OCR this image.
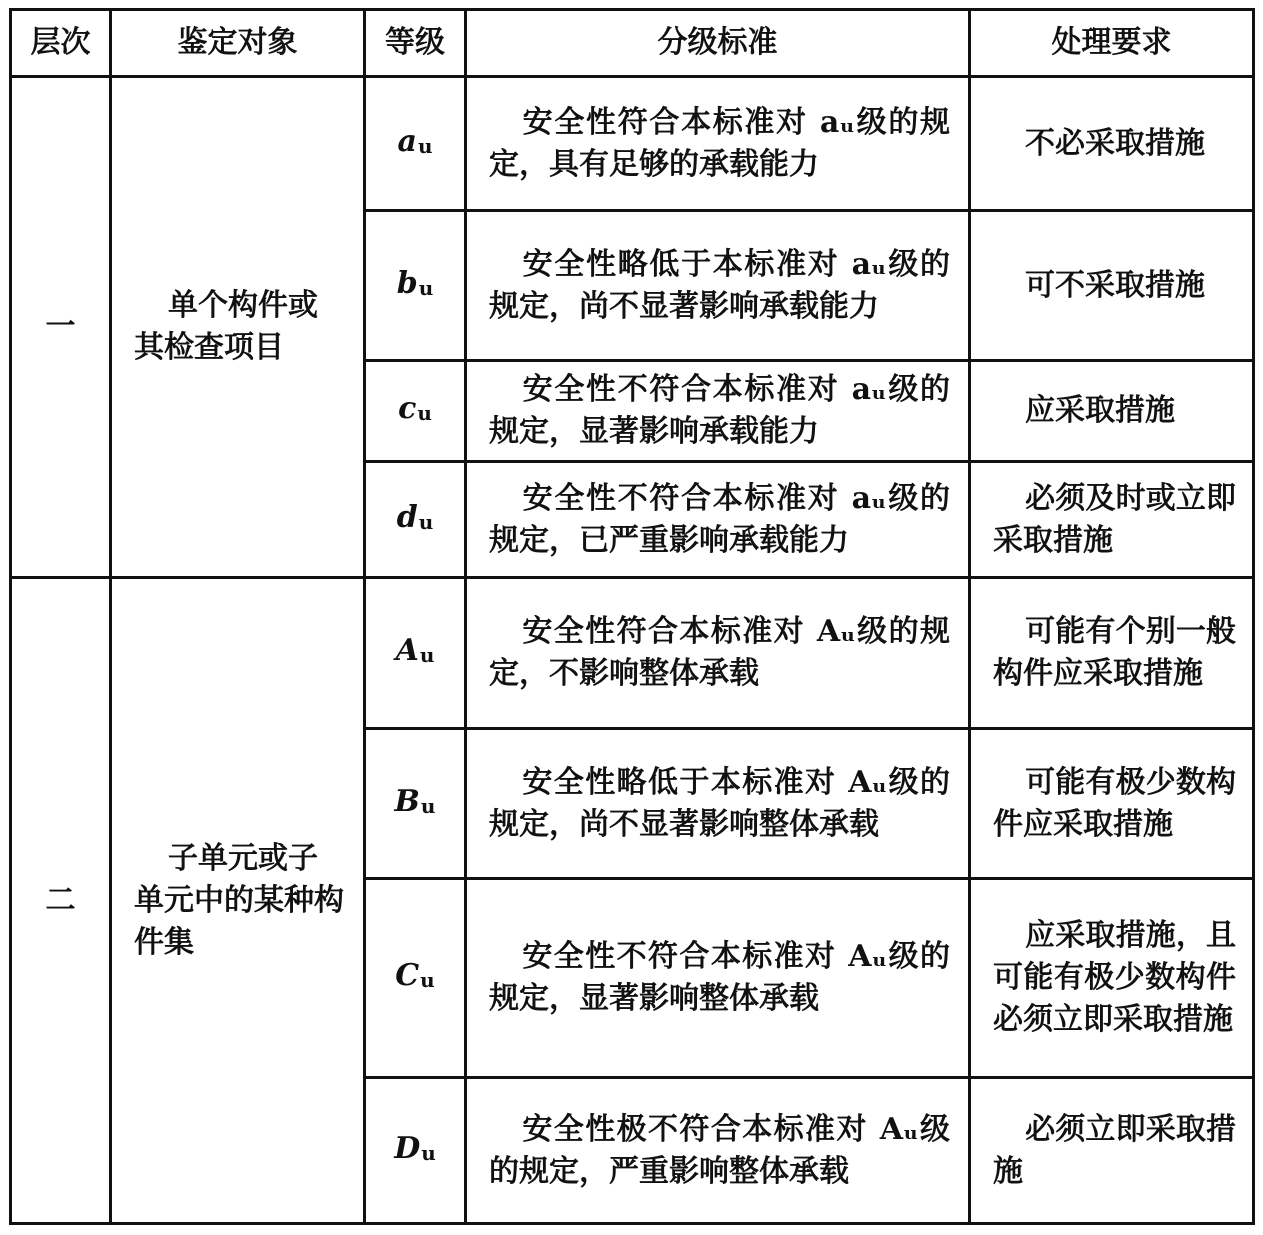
层次	鉴定对象	等级	分级标准	处理要求
一	单个构件或其检查项目	au	安全性符合本标准对 aᵤ级的规定，具有足够的承载能力	不必采取措施
		bu	安全性略低于本标准对 aᵤ级的规定，尚不显著影响承载能力	可不采取措施
		cu	安全性不符合本标准对 aᵤ级的规定，显著影响承载能力	应采取措施
		du	安全性不符合本标准对 aᵤ级的规定，已严重影响承载能力	必须及时或立即采取措施
二	子单元或子单元中的某种构件集	Au	安全性符合本标准对 Aᵤ级的规定，不影响整体承载	可能有个别一般构件应采取措施
		Bu	安全性略低于本标准对 Aᵤ级的规定，尚不显著影响整体承载	可能有极少数构件应采取措施
		Cu	安全性不符合本标准对 Aᵤ级的规定，显著影响整体承载	应采取措施，且可能有极少数构件必须立即采取措施
		Du	安全性极不符合本标准对 Aᵤ级的规定，严重影响整体承载	必须立即采取措施
